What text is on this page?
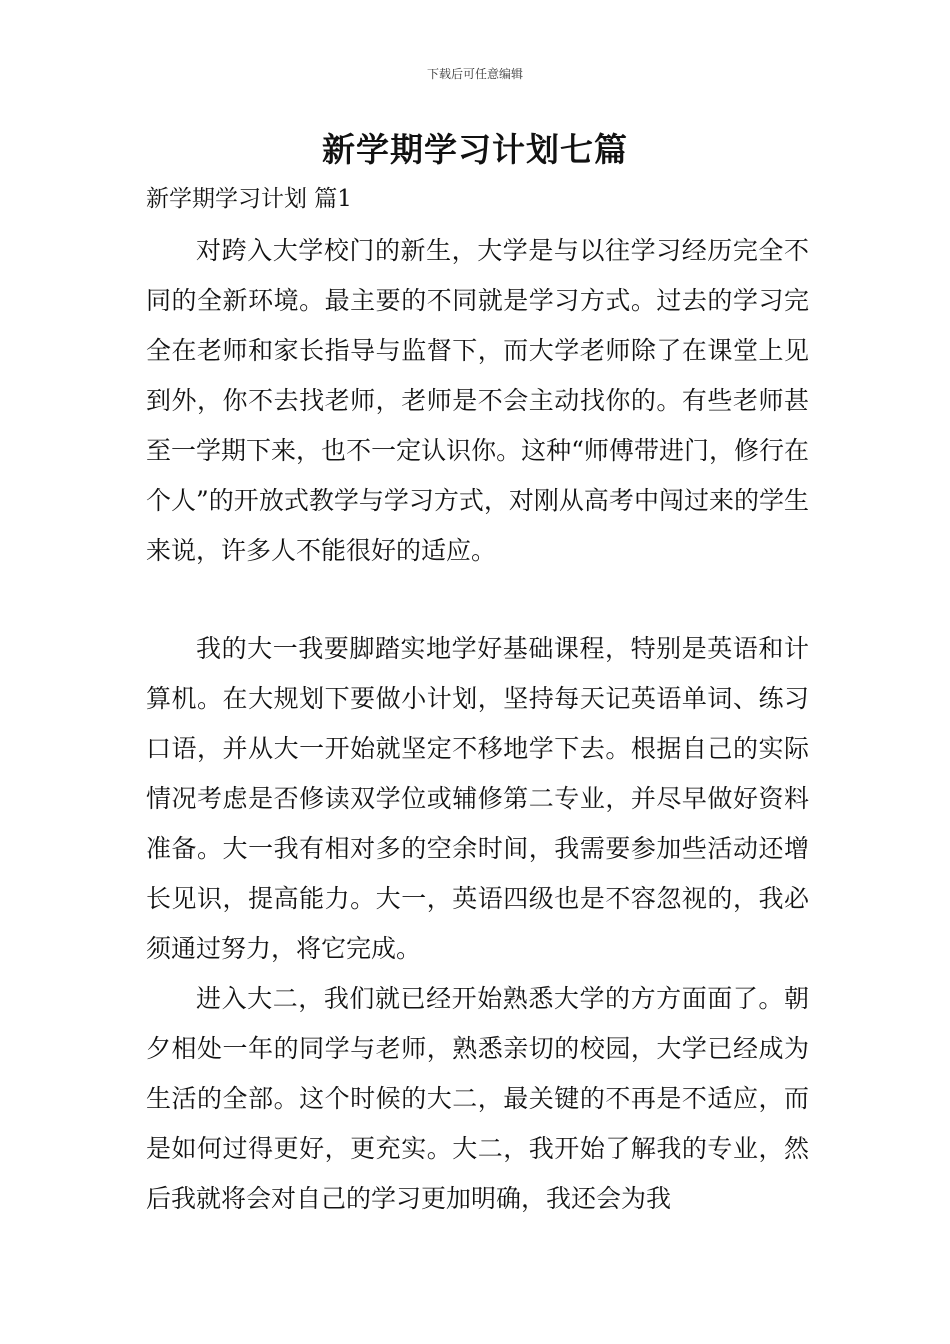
下载后可任意编辑
新学期学习计划七篇
新学期学习计划 篇1

对跨入大学校门的新生，大学是与以往学习经历完全不同的全新环境。最主要的不同就是学习方式。过去的学习完全在老师和家长指导与监督下，而大学老师除了在课堂上见到外，你不去找老师，老师是不会主动找你的。有些老师甚至一学期下来，也不一定认识你。这种“师傅带进门，修行在个人”的开放式教学与学习方式，对刚从高考中闯过来的学生来说，许多人不能很好的适应。

我的大一我要脚踏实地学好基础课程，特别是英语和计算机。在大规划下要做小计划，坚持每天记英语单词、练习口语，并从大一开始就坚定不移地学下去。根据自己的实际情况考虑是否修读双学位或辅修第二专业，并尽早做好资料准备。大一我有相对多的空余时间，我需要参加些活动还增长见识，提高能力。大一，英语四级也是不容忽视的，我必须通过努力，将它完成。

进入大二，我们就已经开始熟悉大学的方方面面了。朝夕相处一年的同学与老师，熟悉亲切的校园，大学已经成为生活的全部。这个时候的大二，最关键的不再是不适应，而是如何过得更好，更充实。大二，我开始了解我的专业，然后我就将会对自己的学习更加明确，我还会为我
